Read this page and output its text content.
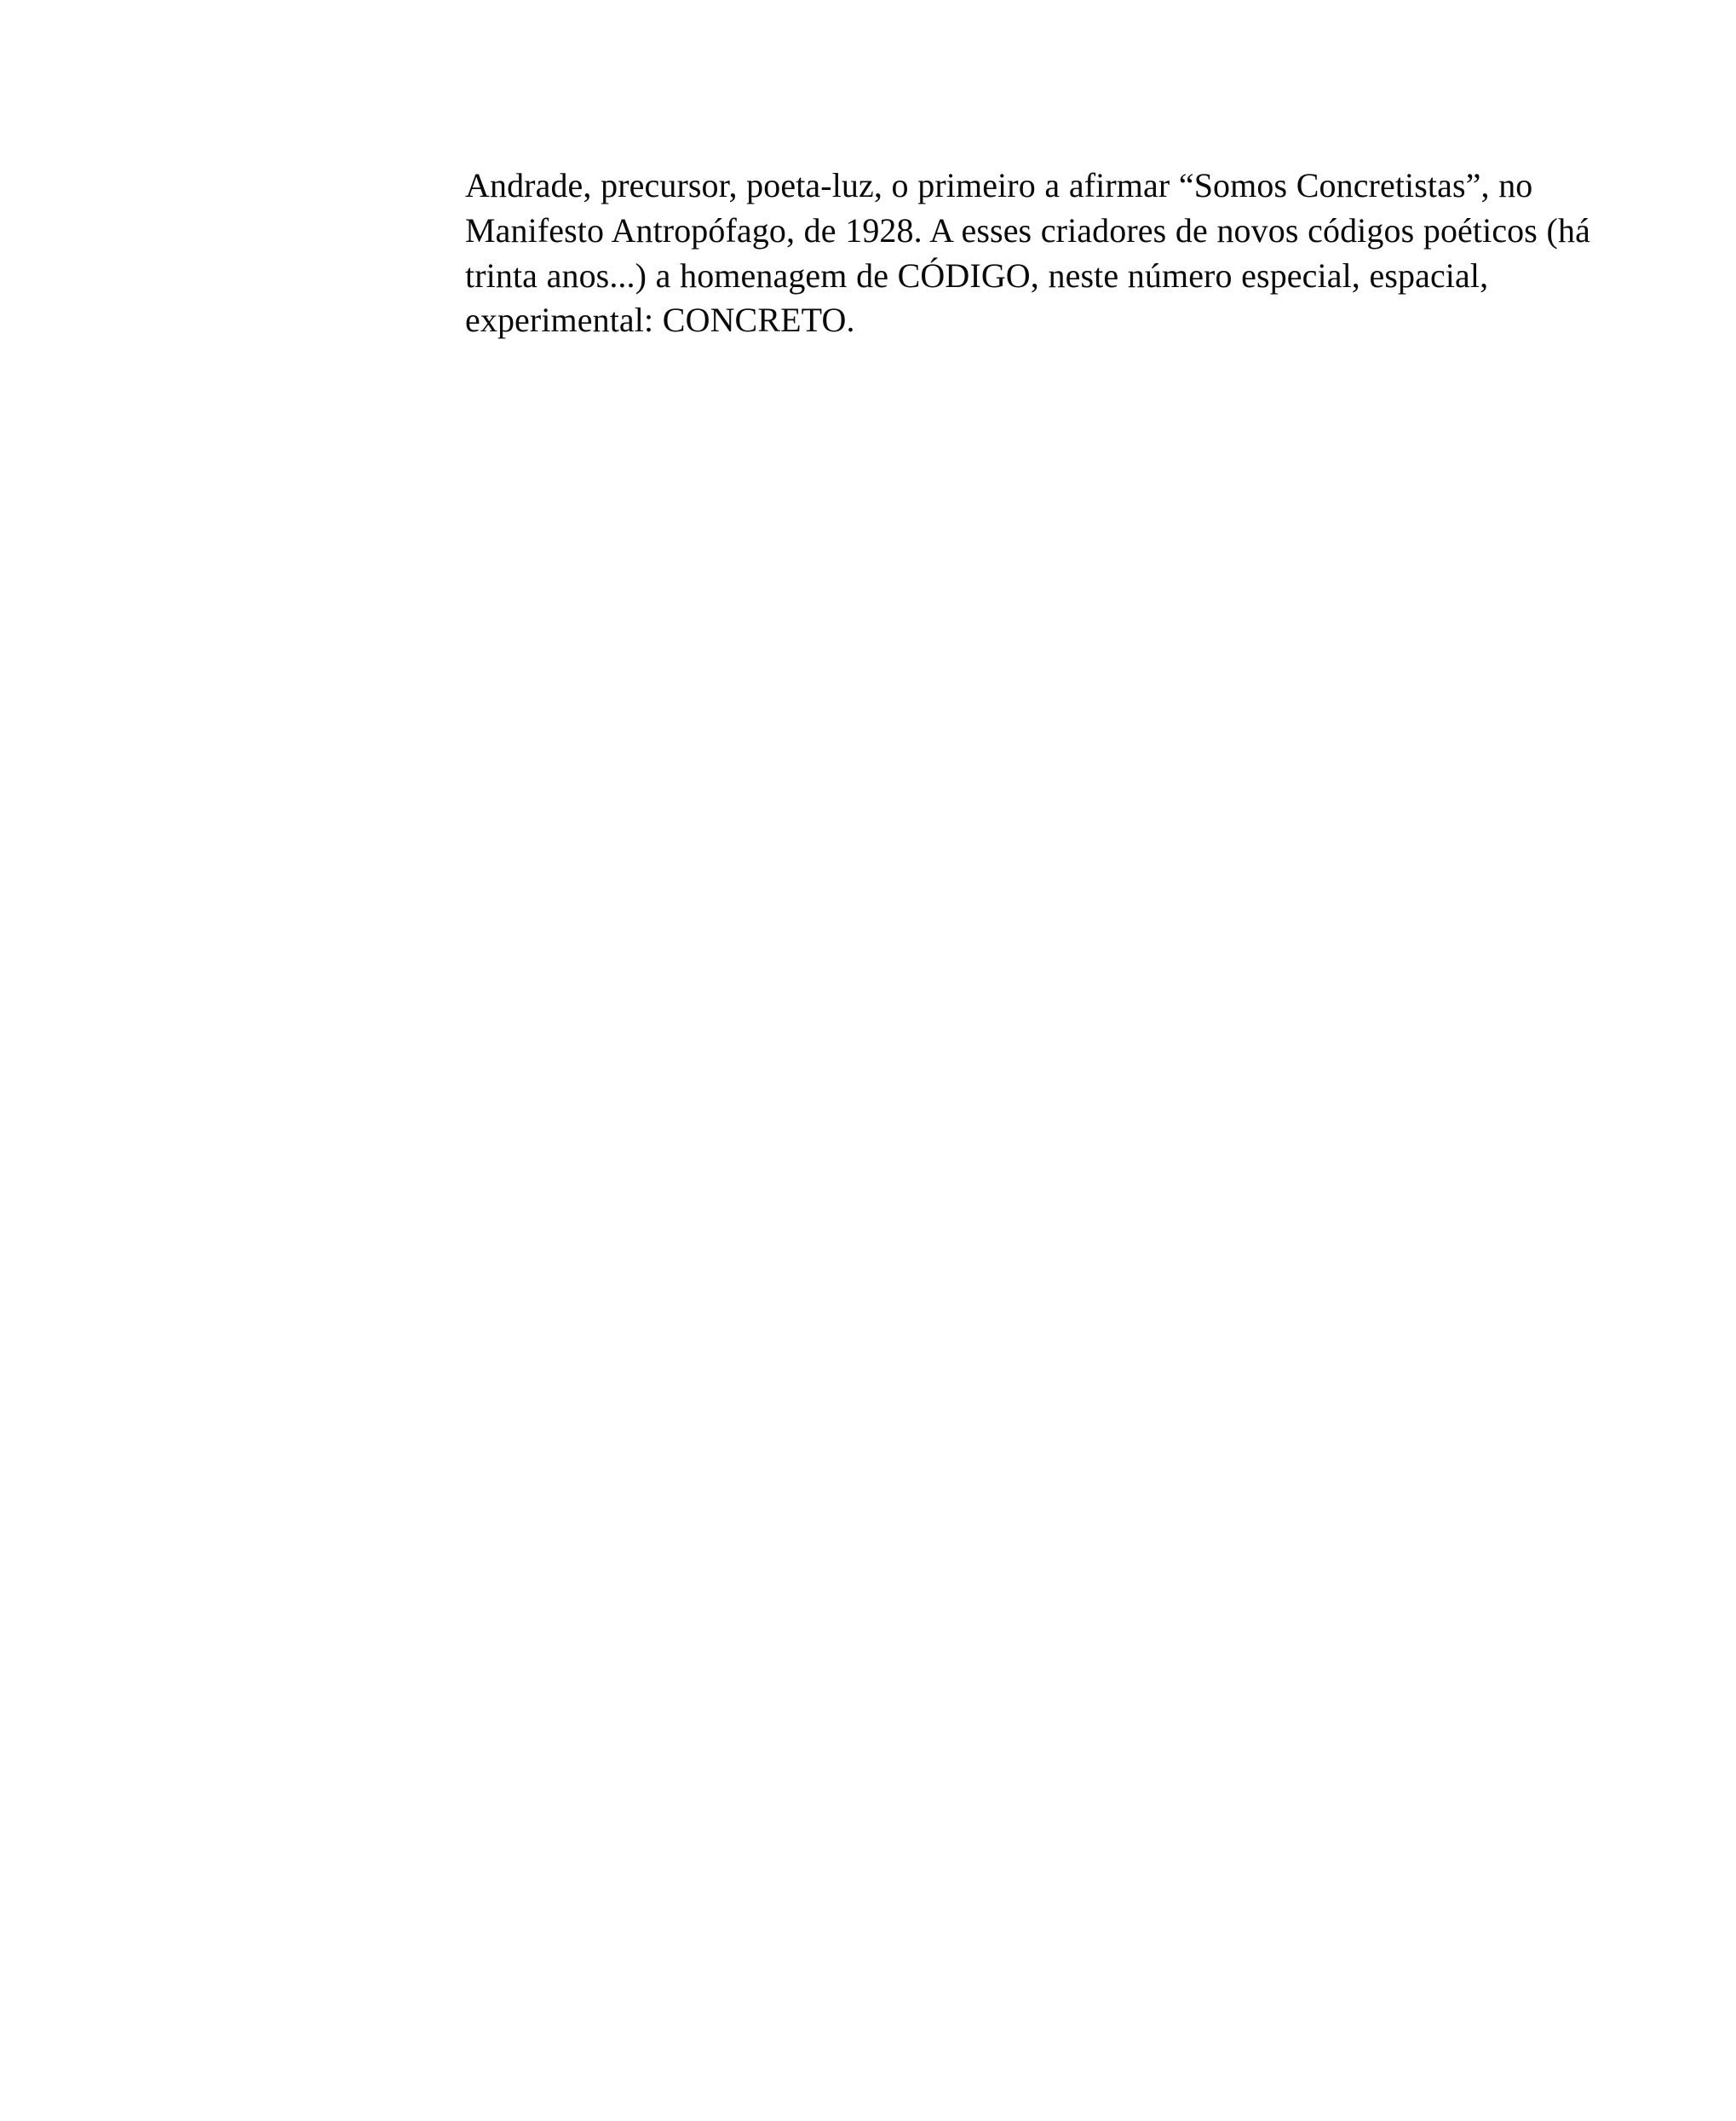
Andrade, precursor, poeta-luz, o primeiro a afirmar “Somos Concretistas”, no Manifesto Antropófago, de 1928. A esses criadores de novos códigos poéticos (há trinta anos...) a homenagem de CÓDIGO, neste número especial, espacial, experimental: CONCRETO.
